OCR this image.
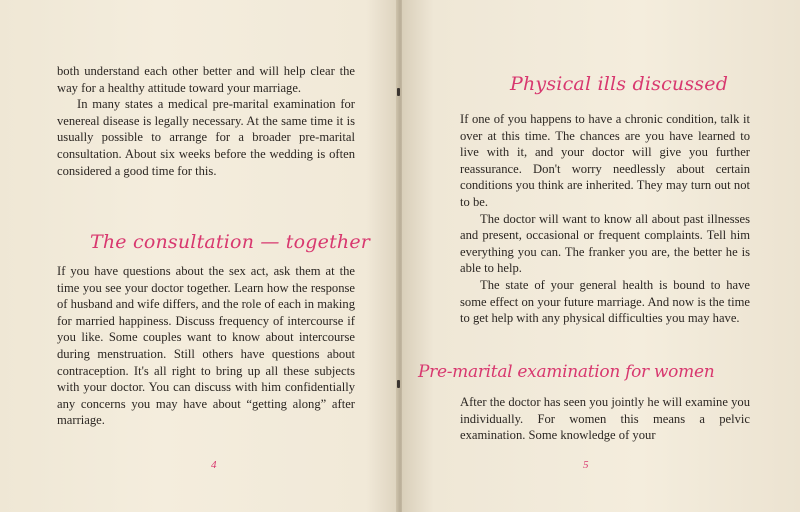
both understand each other better and will help clear the way for a healthy attitude toward your marriage.

In many states a medical pre-marital examination for venereal disease is legally necessary. At the same time it is usually possible to arrange for a broader pre-marital consultation. About six weeks before the wedding is often considered a good time for this.

The consultation — together

If you have questions about the sex act, ask them at the time you see your doctor together. Learn how the response of husband and wife differs, and the role of each in making for married happiness. Discuss frequency of intercourse if you like. Some couples want to know about intercourse during menstruation. Still others have questions about contraception. It's all right to bring up all these subjects with your doctor. You can discuss with him confidentially any concerns you may have about “getting along” after marriage.

4
Physical ills discussed

If one of you happens to have a chronic condition, talk it over at this time. The chances are you have learned to live with it, and your doctor will give you further reassurance. Don't worry needlessly about certain conditions you think are inherited. They may turn out not to be.

The doctor will want to know all about past illnesses and present, occasional or frequent complaints. Tell him everything you can. The franker you are, the better he is able to help.

The state of your general health is bound to have some effect on your future marriage. And now is the time to get help with any physical difficulties you may have.

Pre-marital examination for women

After the doctor has seen you jointly he will examine you individually. For women this means a pelvic examination. Some knowledge of your

5
